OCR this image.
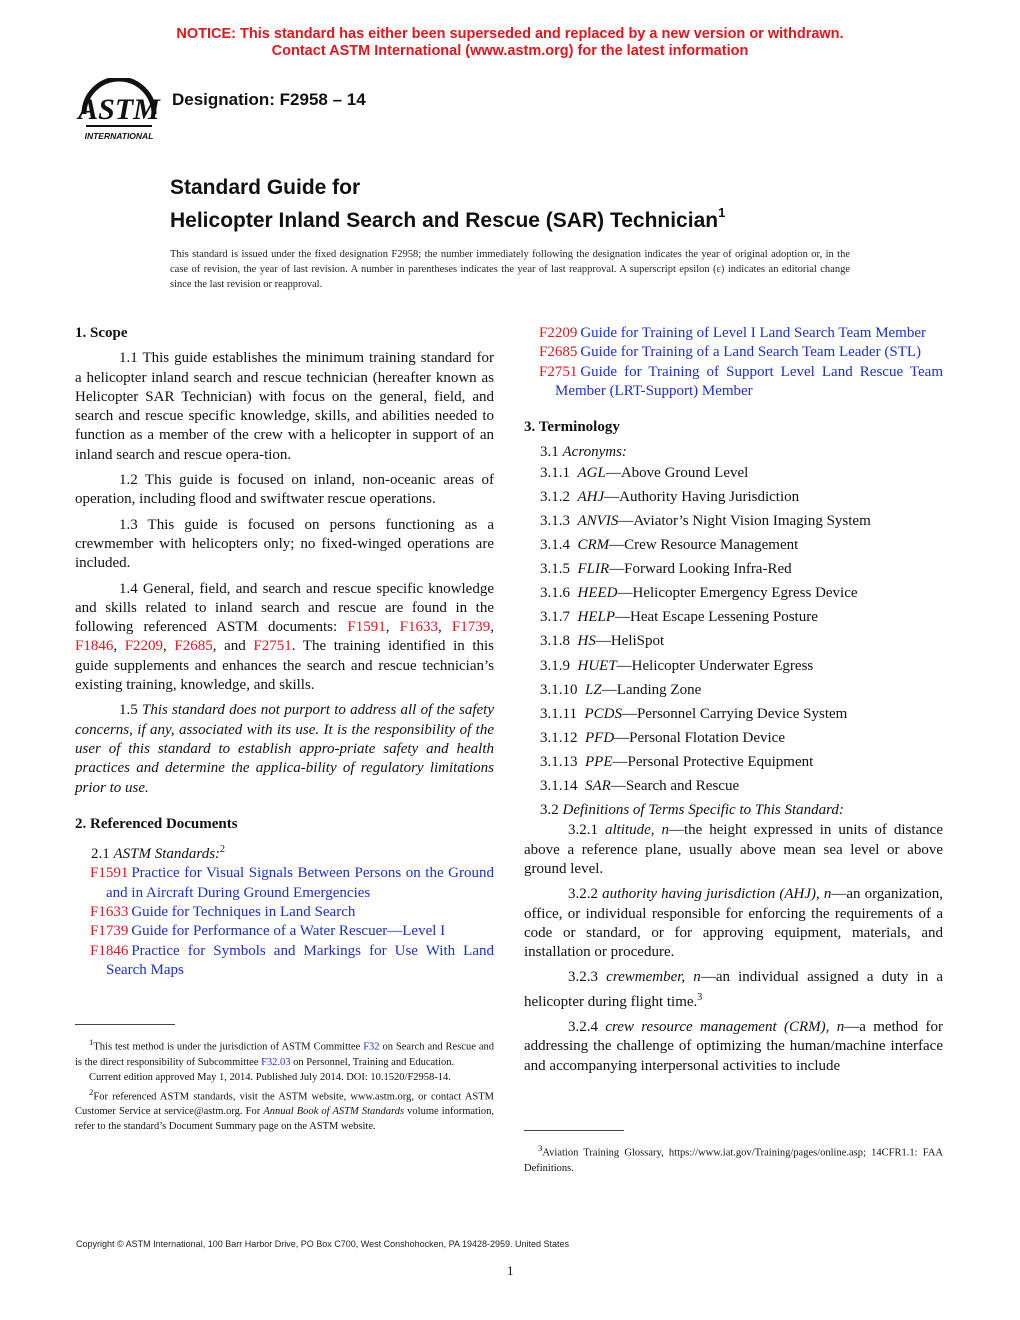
NOTICE: This standard has either been superseded and replaced by a new version or withdrawn.
Contact ASTM International (www.astm.org) for the latest information
ASTM
INTERNATIONAL
Designation: F2958 – 14
Standard Guide for
Helicopter Inland Search and Rescue (SAR) Technician$^1$
This standard is issued under the fixed designation F2958; the number immediately following the designation indicates the year of original adoption or, in the case of revision, the year of last revision. A number in parentheses indicates the year of last reapproval. A superscript epsilon (ε) indicates an editorial change since the last revision or reapproval.

1. Scope

1.1 This guide establishes the minimum training standard for a helicopter inland search and rescue technician (hereafter known as Helicopter SAR Technician) with focus on the general, field, and search and rescue specific knowledge, skills, and abilities needed to function as a member of the crew with a helicopter in support of an inland search and rescue opera-tion.

1.2 This guide is focused on inland, non-oceanic areas of operation, including flood and swiftwater rescue operations.

1.3 This guide is focused on persons functioning as a crewmember with helicopters only; no fixed-winged operations are included.

1.4 General, field, and search and rescue specific knowledge and skills related to inland search and rescue are found in the following referenced ASTM documents: F1591, F1633, F1739, F1846, F2209, F2685, and F2751. The training identified in this guide supplements and enhances the search and rescue technician’s existing training, knowledge, and skills.

1.5 This standard does not purport to address all of the safety concerns, if any, associated with its use. It is the responsibility of the user of this standard to establish appro-priate safety and health practices and determine the applica-bility of regulatory limitations prior to use.

2. Referenced Documents

2.1 ASTM Standards:$^2$

F1591 Practice for Visual Signals Between Persons on the Ground and in Aircraft During Ground Emergencies

F1633 Guide for Techniques in Land Search

F1739 Guide for Performance of a Water Rescuer—Level I

F1846 Practice for Symbols and Markings for Use With Land Search Maps

$^1$This test method is under the jurisdiction of ASTM Committee F32 on Search and Rescue and is the direct responsibility of Subcommittee F32.03 on Personnel, Training and Education.

Current edition approved May 1, 2014. Published July 2014. DOI: 10.1520/F2958-14.

$^2$For referenced ASTM standards, visit the ASTM website, www.astm.org, or contact ASTM Customer Service at service@astm.org. For Annual Book of ASTM Standards volume information, refer to the standard’s Document Summary page on the ASTM website.

F2209 Guide for Training of Level I Land Search Team Member

F2685 Guide for Training of a Land Search Team Leader (STL)

F2751 Guide for Training of Support Level Land Rescue Team Member (LRT-Support) Member

3. Terminology

3.1 Acronyms:

3.1.1 AGL—Above Ground Level

3.1.2 AHJ—Authority Having Jurisdiction

3.1.3 ANVIS—Aviator’s Night Vision Imaging System

3.1.4 CRM—Crew Resource Management

3.1.5 FLIR—Forward Looking Infra-Red

3.1.6 HEED—Helicopter Emergency Egress Device

3.1.7 HELP—Heat Escape Lessening Posture

3.1.8 HS—HeliSpot

3.1.9 HUET—Helicopter Underwater Egress

3.1.10 LZ—Landing Zone

3.1.11 PCDS—Personnel Carrying Device System

3.1.12 PFD—Personal Flotation Device

3.1.13 PPE—Personal Protective Equipment

3.1.14 SAR—Search and Rescue

3.2 Definitions of Terms Specific to This Standard:

3.2.1 altitude, n—the height expressed in units of distance above a reference plane, usually above mean sea level or above ground level.

3.2.2 authority having jurisdiction (AHJ), n—an organization, office, or individual responsible for enforcing the requirements of a code or standard, or for approving equipment, materials, and installation or procedure.

3.2.3 crewmember, n—an individual assigned a duty in a helicopter during flight time.$^3$

3.2.4 crew resource management (CRM), n—a method for addressing the challenge of optimizing the human/machine interface and accompanying interpersonal activities to include

$^3$Aviation Training Glossary, https://www.iat.gov/Training/pages/online.asp; 14CFR1.1: FAA Definitions.

Copyright © ASTM International, 100 Barr Harbor Drive, PO Box C700, West Conshohocken, PA 19428-2959. United States
1
